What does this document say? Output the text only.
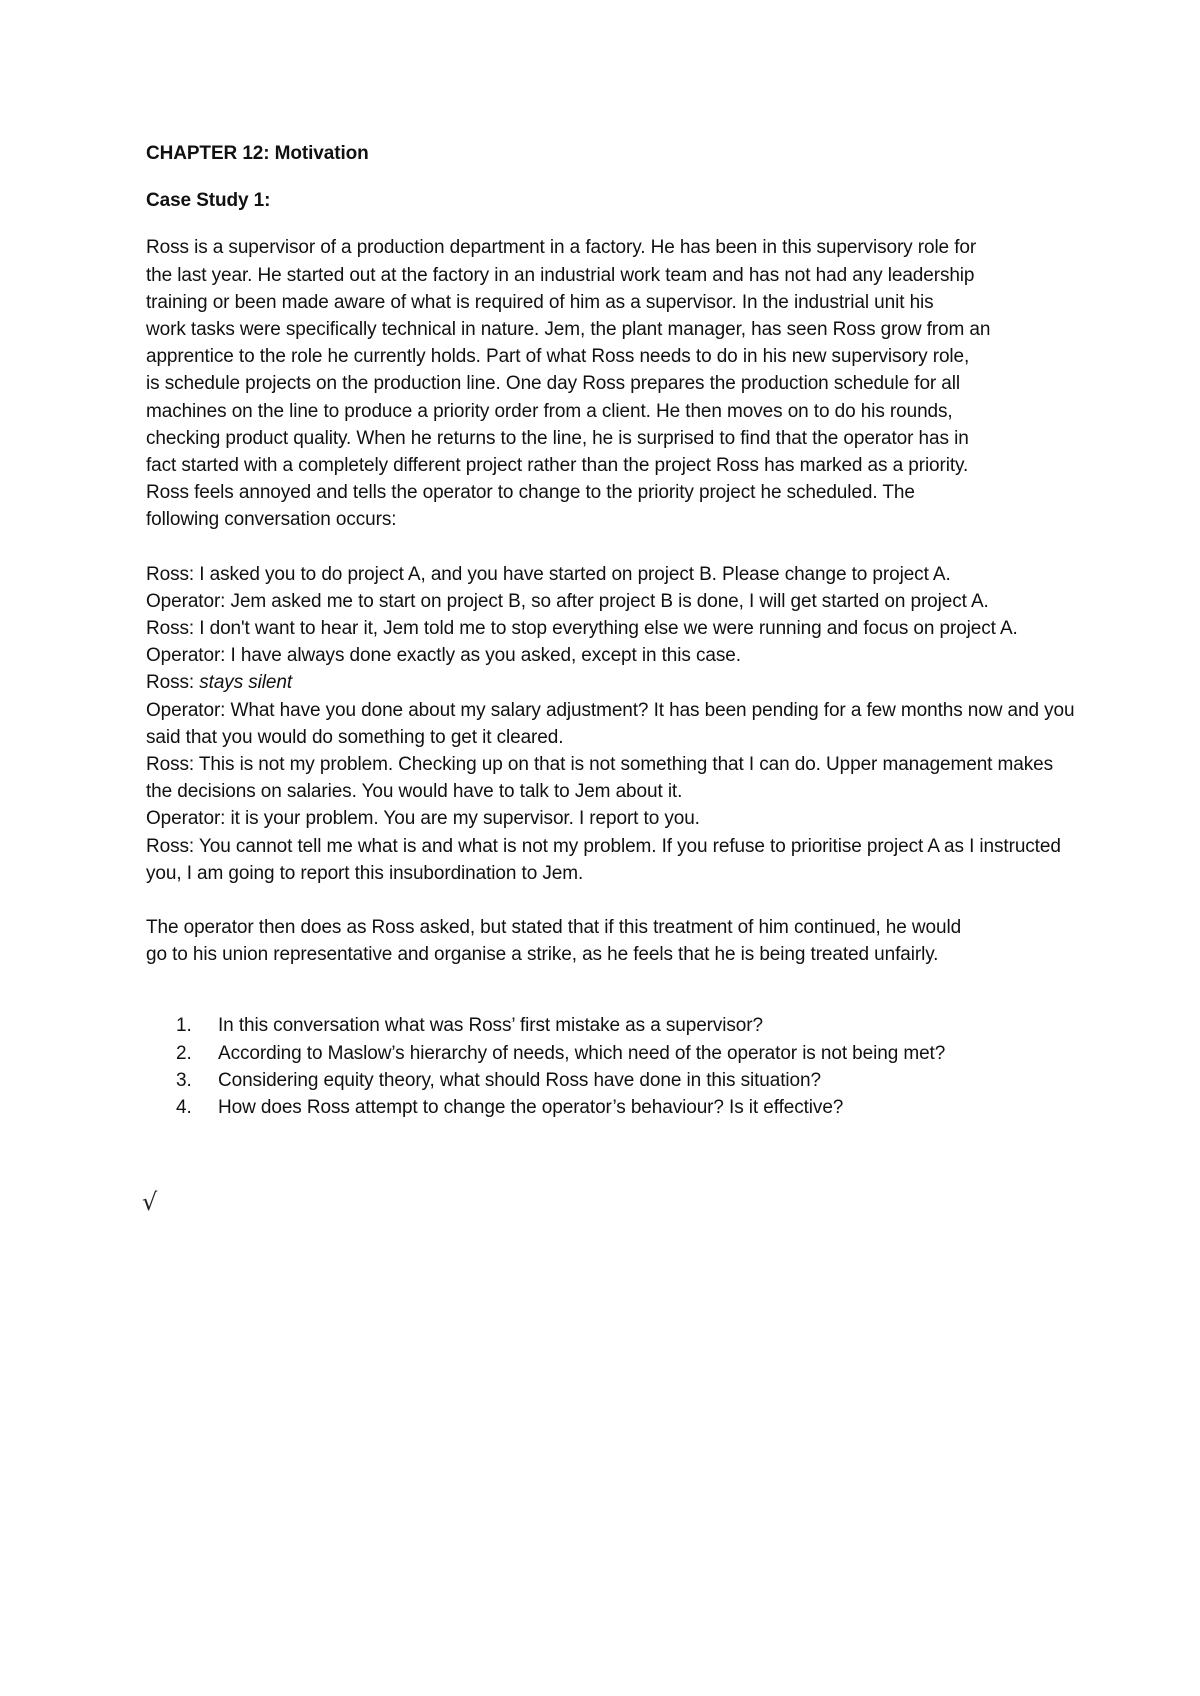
CHAPTER 12: Motivation

Case Study 1:

Ross is a supervisor of a production department in a factory. He has been in this supervisory role for
the last year. He started out at the factory in an industrial work team and has not had any leadership
training or been made aware of what is required of him as a supervisor. In the industrial unit his
work tasks were specifically technical in nature. Jem, the plant manager, has seen Ross grow from an
apprentice to the role he currently holds. Part of what Ross needs to do in his new supervisory role,
is schedule projects on the production line. One day Ross prepares the production schedule for all
machines on the line to produce a priority order from a client. He then moves on to do his rounds,
checking product quality. When he returns to the line, he is surprised to find that the operator has in
fact started with a completely different project rather than the project Ross has marked as a priority.
Ross feels annoyed and tells the operator to change to the priority project he scheduled. The
following conversation occurs:

Ross: I asked you to do project A, and you have started on project B. Please change to project A.

Operator: Jem asked me to start on project B, so after project B is done, I will get started on project A.

Ross: I don't want to hear it, Jem told me to stop everything else we were running and focus on project A.

Operator: I have always done exactly as you asked, except in this case.

Ross: stays silent

Operator: What have you done about my salary adjustment? It has been pending for a few months now and you said that you would do something to get it cleared.

Ross: This is not my problem. Checking up on that is not something that I can do. Upper management makes the decisions on salaries. You would have to talk to Jem about it.

Operator: it is your problem. You are my supervisor. I report to you.

Ross: You cannot tell me what is and what is not my problem. If you refuse to prioritise project A as I instructed you, I am going to report this insubordination to Jem.

The operator then does as Ross asked, but stated that if this treatment of him continued, he would
go to his union representative and organise a strike, as he feels that he is being treated unfairly.
1. In this conversation what was Ross’ first mistake as a supervisor?
2. According to Maslow’s hierarchy of needs, which need of the operator is not being met?
3. Considering equity theory, what should Ross have done in this situation?
4. How does Ross attempt to change the operator’s behaviour? Is it effective?
√
